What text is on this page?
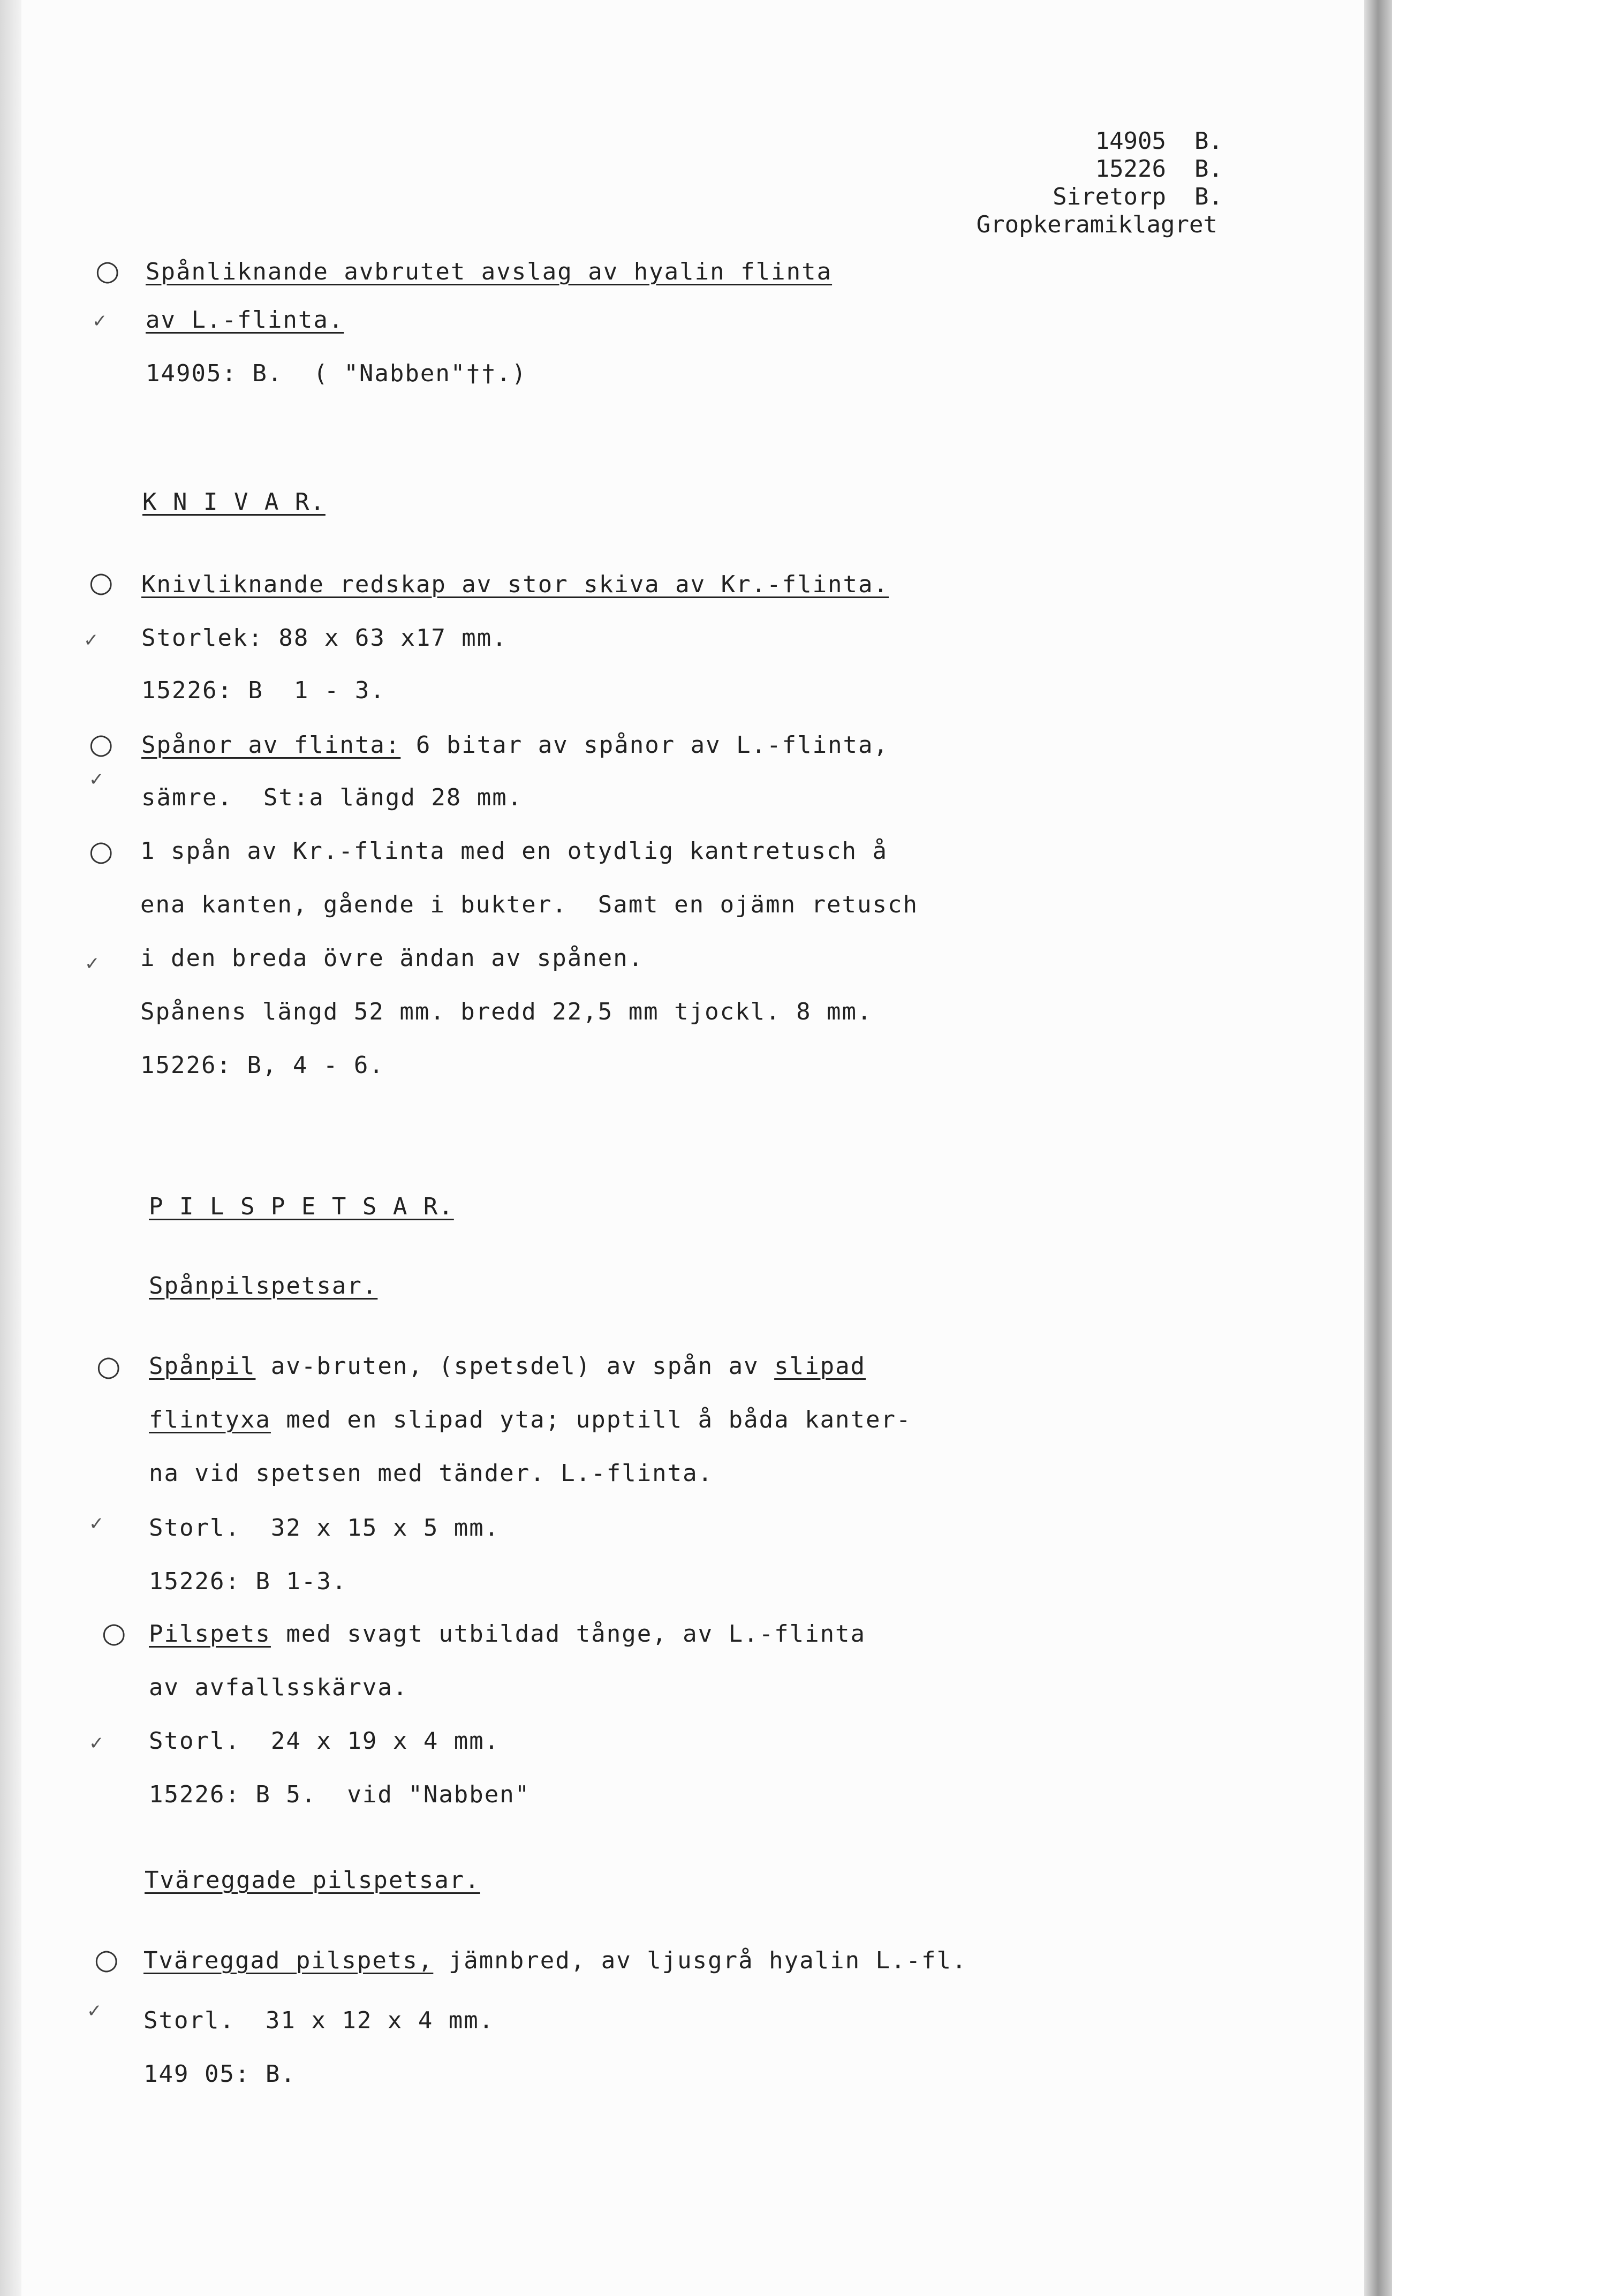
14905  B.
15226  B.
Siretorp  B.
Gropkeramiklagret
○ Spånliknande avbrutet avslag av hyalin flinta
✓ av L.-flinta.
14905: B.  ( "Nabben"††.)
K N I V A R.
○ Knivliknande redskap av stor skiva av Kr.-flinta.
✓ Storlek: 88 x 63 x17 mm.
15226: B  1 - 3.
○ Spånor av flinta: 6 bitar av spånor av L.-flinta,
✓
sämre.  St:a längd 28 mm.
○ 1 spån av Kr.-flinta med en otydlig kantretusch å
ena kanten, gående i bukter.  Samt en ojämn retusch
✓ i den breda övre ändan av spånen.
Spånens längd 52 mm. bredd 22,5 mm tjockl. 8 mm.
15226: B, 4 - 6.
P I L S P E T S A R.
Spånpilspetsar.
○ Spånpil av-bruten, (spetsdel) av spån av slipad
flintyxa med en slipad yta; upptill å båda kanter-
na vid spetsen med tänder. L.-flinta.
✓ Storl.  32 x 15 x 5 mm.
15226: B 1-3.
○ Pilspets med svagt utbildad tånge, av L.-flinta
av avfallsskärva.
✓ Storl.  24 x 19 x 4 mm.
15226: B 5.  vid "Nabben"
Tväreggade pilspetsar.
○ Tväreggad pilspets, jämnbred, av ljusgrå hyalin L.-fl.
✓ Storl.  31 x 12 x 4 mm.
149 05: B.
